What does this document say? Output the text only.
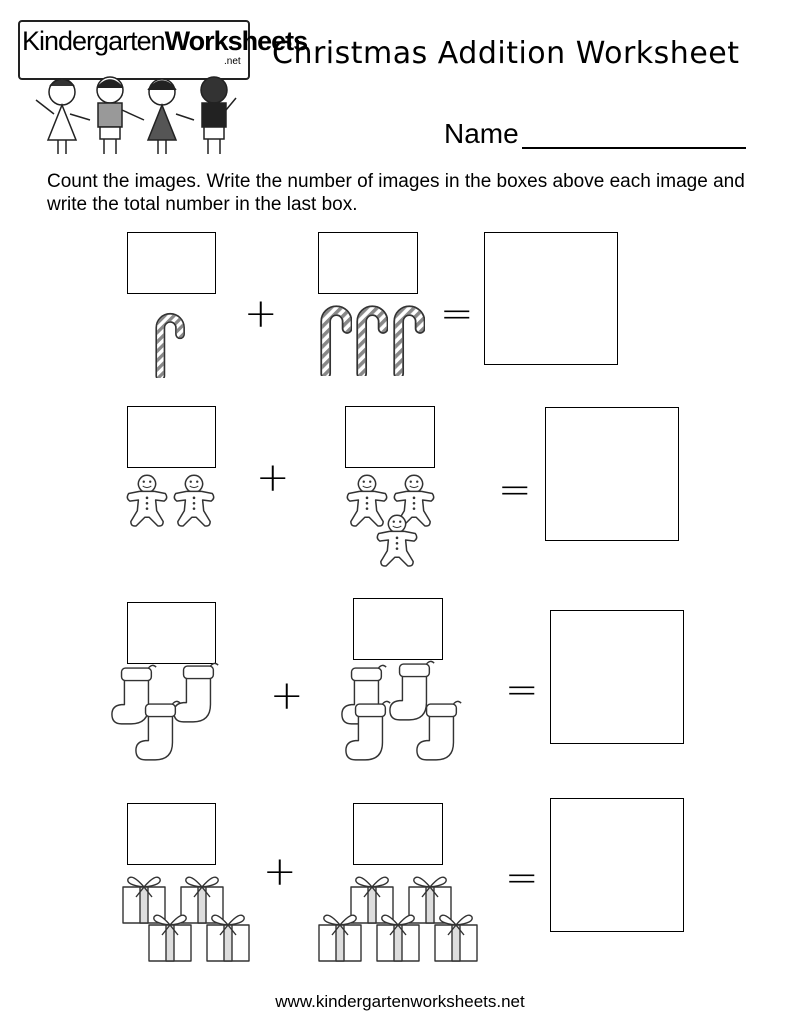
KindergartenWorksheets
.net Christmas Addition Worksheet
Name
Count the images. Write the number of images in the boxes above each image and write the total number in the last box.
+	=
+	=
+	=
+	=
www.kindergartenworksheets.net
